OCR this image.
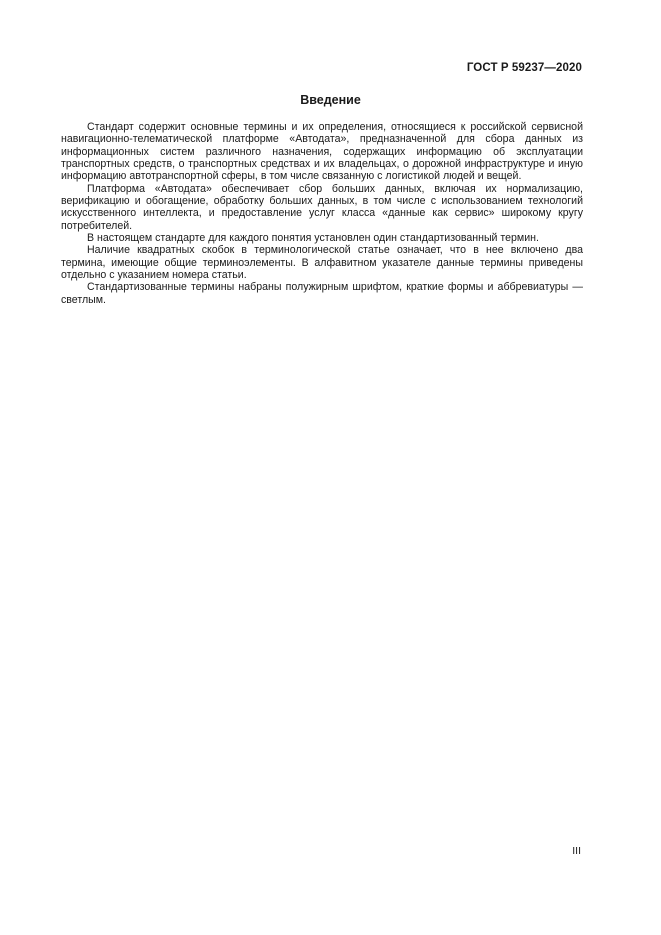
ГОСТ Р 59237—2020
Введение

Стандарт содержит основные термины и их определения, относящиеся к российской сервисной навигационно-телематической платформе «Автодата», предназначенной для сбора данных из информационных систем различного назначения, содержащих информацию об эксплуатации транспортных средств, о транспортных средствах и их владельцах, о дорожной инфраструктуре и иную информацию автотранспортной сферы, в том числе связанную с логистикой людей и вещей.

Платформа «Автодата» обеспечивает сбор больших данных, включая их нормализацию, верификацию и обогащение, обработку больших данных, в том числе с использованием технологий искусственного интеллекта, и предоставление услуг класса «данные как сервис» широкому кругу потребителей.

В настоящем стандарте для каждого понятия установлен один стандартизованный термин.

Наличие квадратных скобок в терминологической статье означает, что в нее включено два термина, имеющие общие терминоэлементы. В алфавитном указателе данные термины приведены отдельно с указанием номера статьи.

Стандартизованные термины набраны полужирным шрифтом, краткие формы и аббревиатуры — светлым.

III
